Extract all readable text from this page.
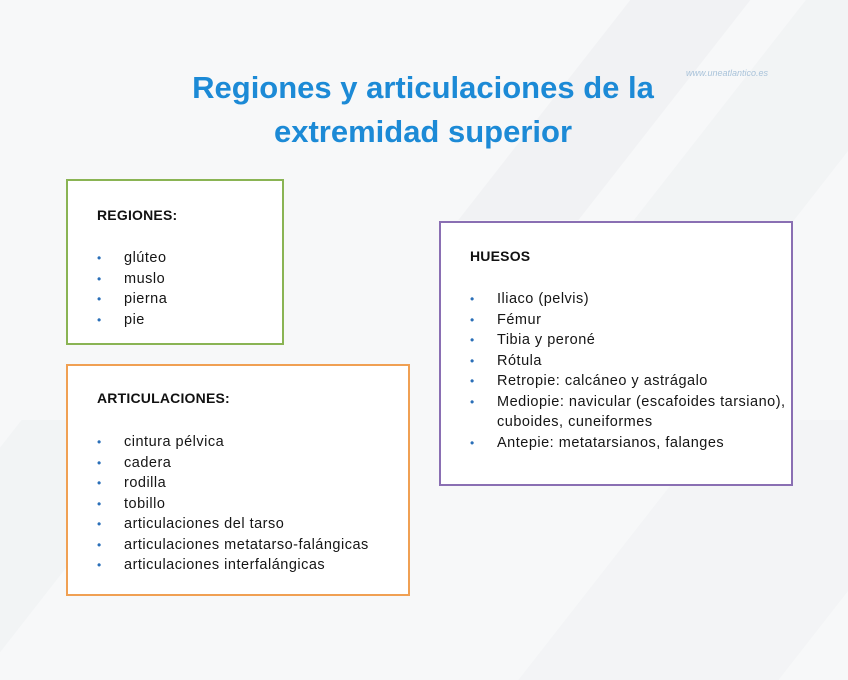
Regiones y articulaciones de la
extremidad superior
www.uneatlantico.es
REGIONES:
• glúteo
• muslo
• pierna
• pie
ARTICULACIONES:
• cintura pélvica
• cadera
• rodilla
• tobillo
• articulaciones del tarso
• articulaciones metatarso-falángicas
• articulaciones interfalángicas
HUESOS
• Iliaco (pelvis)
• Fémur
• Tibia y peroné
• Rótula
• Retropie: calcáneo y astrágalo
• Mediopie: navicular (escafoides tarsiano), cuboides, cuneiformes
• Antepie: metatarsianos, falanges
